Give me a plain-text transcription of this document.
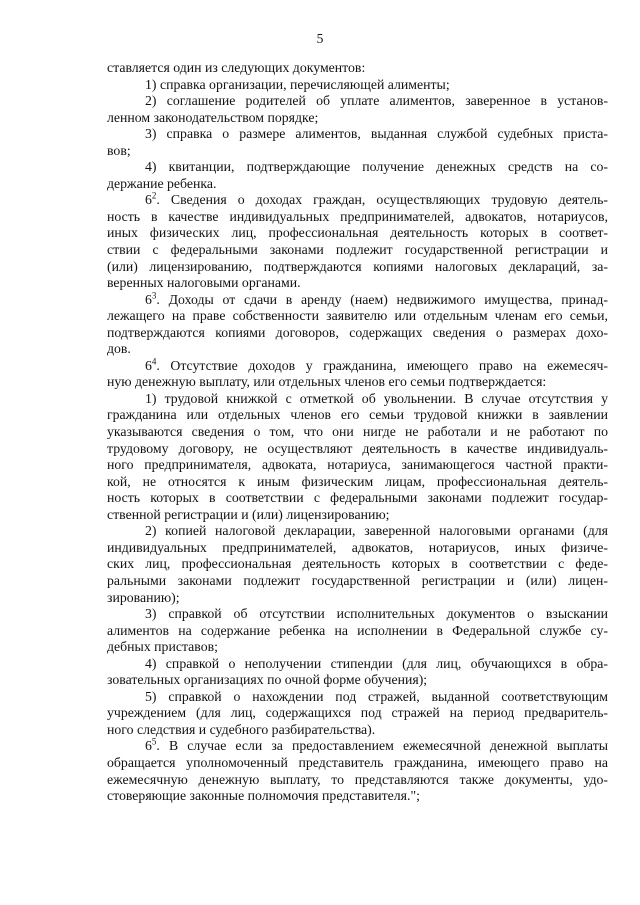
5
ставляется один из следующих документов:
1) справка организации, перечисляющей алименты;
2) соглашение родителей об уплате алиментов, заверенное в установ-
ленном законодательством порядке;
3) справка о размере алиментов, выданная службой судебных приста-
вов;
4) квитанции, подтверждающие получение денежных средств на со-
держание ребенка.
$6^2$. Сведения о доходах граждан, осуществляющих трудовую деятель-
ность в качестве индивидуальных предпринимателей, адвокатов, нотариусов,
иных физических лиц, профессиональная деятельность которых в соответ-
ствии с федеральными законами подлежит государственной регистрации и
(или) лицензированию, подтверждаются копиями налоговых деклараций, за-
веренных налоговыми органами.
$6^3$. Доходы от сдачи в аренду (наем) недвижимого имущества, принад-
лежащего на праве собственности заявителю или отдельным членам его семьи,
подтверждаются копиями договоров, содержащих сведения о размерах дохо-
дов.
$6^4$. Отсутствие доходов у гражданина, имеющего право на ежемесяч-
ную денежную выплату, или отдельных членов его семьи подтверждается:
1) трудовой книжкой с отметкой об увольнении. В случае отсутствия у
гражданина или отдельных членов его семьи трудовой книжки в заявлении
указываются сведения о том, что они нигде не работали и не работают по
трудовому договору, не осуществляют деятельность в качестве индивидуаль-
ного предпринимателя, адвоката, нотариуса, занимающегося частной практи-
кой, не относятся к иным физическим лицам, профессиональная деятель-
ность которых в соответствии с федеральными законами подлежит государ-
ственной регистрации и (или) лицензированию;
2) копией налоговой декларации, заверенной налоговыми органами (для
индивидуальных предпринимателей, адвокатов, нотариусов, иных физиче-
ских лиц, профессиональная деятельность которых в соответствии с феде-
ральными законами подлежит государственной регистрации и (или) лицен-
зированию);
3) справкой об отсутствии исполнительных документов о взыскании
алиментов на содержание ребенка на исполнении в Федеральной службе су-
дебных приставов;
4) справкой о неполучении стипендии (для лиц, обучающихся в обра-
зовательных организациях по очной форме обучения);
5) справкой о нахождении под стражей, выданной соответствующим
учреждением (для лиц, содержащихся под стражей на период предваритель-
ного следствия и судебного разбирательства).
$6^5$. В случае если за предоставлением ежемесячной денежной выплаты
обращается уполномоченный представитель гражданина, имеющего право на
ежемесячную денежную выплату, то представляются также документы, удо-
стоверяющие законные полномочия представителя.";
